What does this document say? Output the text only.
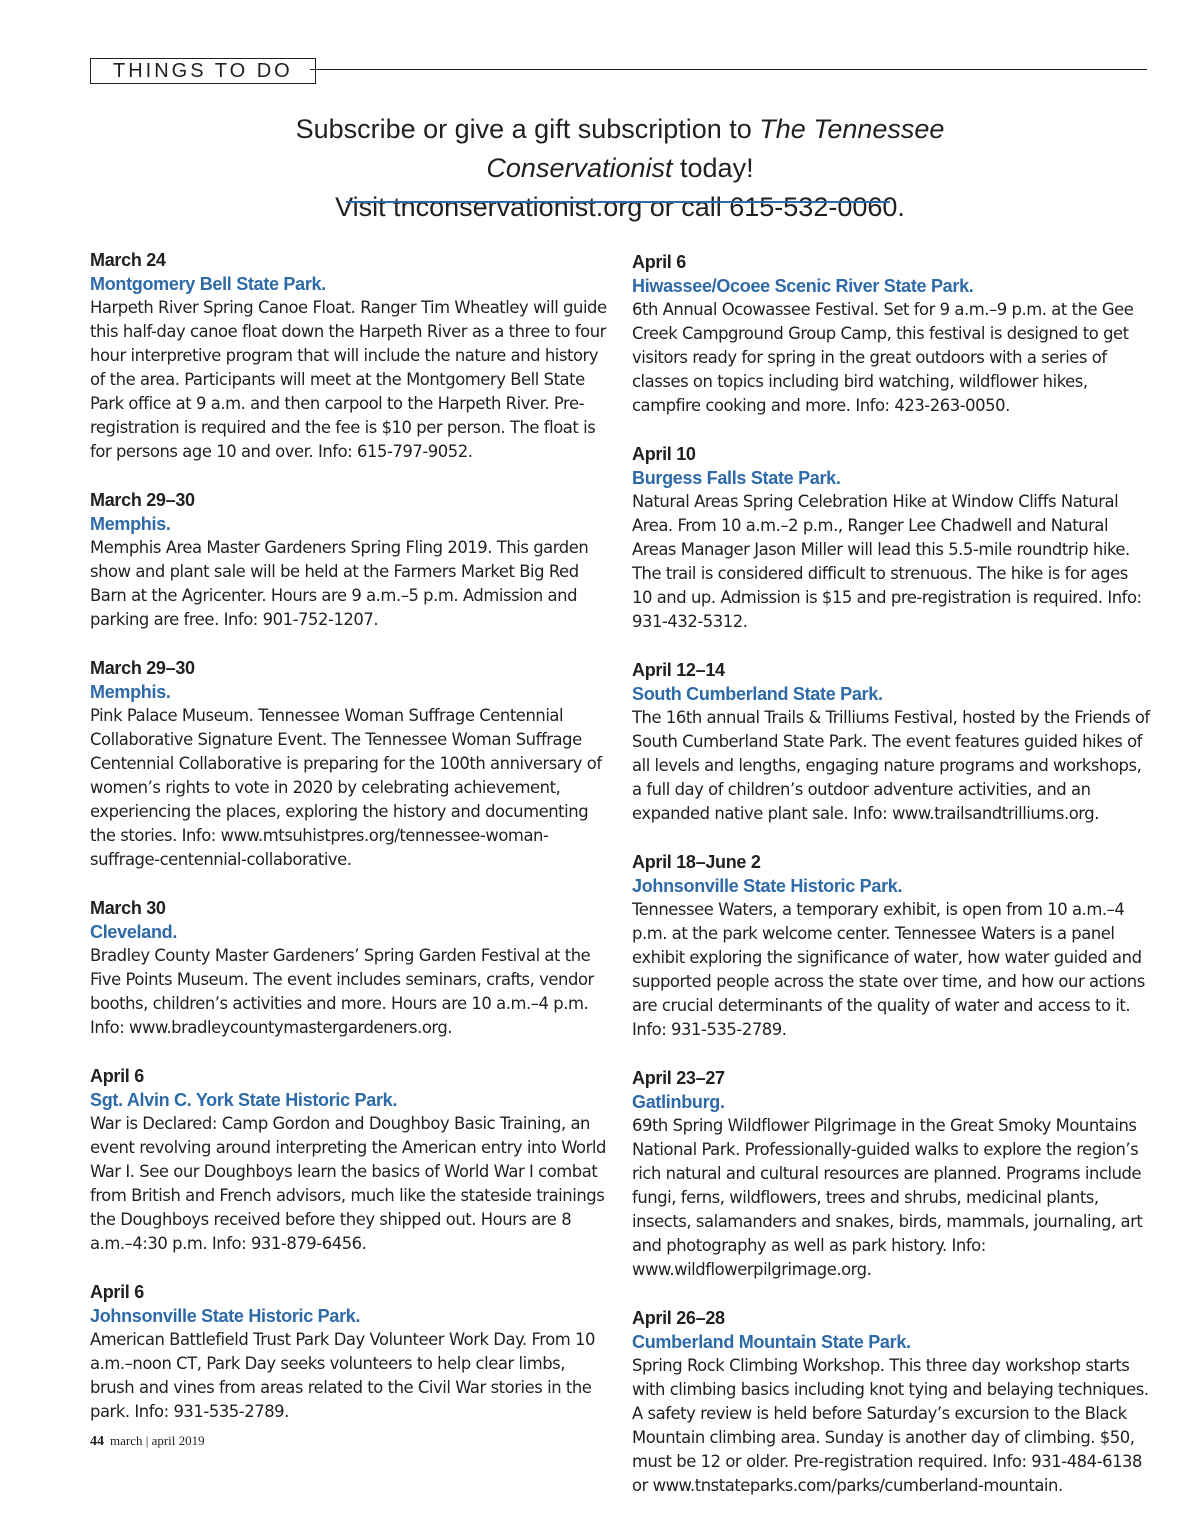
THINGS TO DO
Subscribe or give a gift subscription to The Tennessee Conservationist today!
Visit tnconservationist.org or call 615-532-0060.
March 24
Montgomery Bell State Park.
Harpeth River Spring Canoe Float. Ranger Tim Wheatley will guide this half-day canoe float down the Harpeth River as a three to four hour interpretive program that will include the nature and history of the area. Participants will meet at the Montgomery Bell State Park office at 9 a.m. and then carpool to the Harpeth River. Pre-registration is required and the fee is $10 per person. The float is for persons age 10 and over. Info: 615-797-9052.
March 29–30
Memphis.
Memphis Area Master Gardeners Spring Fling 2019. This garden show and plant sale will be held at the Farmers Market Big Red Barn at the Agricenter. Hours are 9 a.m.–5 p.m. Admission and parking are free. Info: 901-752-1207.
March 29–30
Memphis.
Pink Palace Museum. Tennessee Woman Suffrage Centennial Collaborative Signature Event. The Tennessee Woman Suffrage Centennial Collaborative is preparing for the 100th anniversary of women’s rights to vote in 2020 by celebrating achievement, experiencing the places, exploring the history and documenting the stories. Info: www.mtsuhistpres.org/tennessee-woman-suffrage-centennial-collaborative.
March 30
Cleveland.
Bradley County Master Gardeners’ Spring Garden Festival at the Five Points Museum. The event includes seminars, crafts, vendor booths, children’s activities and more. Hours are 10 a.m.–4 p.m. Info: www.bradleycountymastergardeners.org.
April 6
Sgt. Alvin C. York State Historic Park.
War is Declared: Camp Gordon and Doughboy Basic Training, an event revolving around interpreting the American entry into World War I. See our Doughboys learn the basics of World War I combat from British and French advisors, much like the stateside trainings the Doughboys received before they shipped out. Hours are 8 a.m.–4:30 p.m. Info: 931-879-6456.
April 6
Johnsonville State Historic Park.
American Battlefield Trust Park Day Volunteer Work Day. From 10 a.m.–noon CT, Park Day seeks volunteers to help clear limbs, brush and vines from areas related to the Civil War stories in the park. Info: 931-535-2789.
April 6
Hiwassee/Ocoee Scenic River State Park.
6th Annual Ocowassee Festival. Set for 9 a.m.–9 p.m. at the Gee Creek Campground Group Camp, this festival is designed to get visitors ready for spring in the great outdoors with a series of classes on topics including bird watching, wildflower hikes, campfire cooking and more. Info: 423-263-0050.
April 10
Burgess Falls State Park.
Natural Areas Spring Celebration Hike at Window Cliffs Natural Area. From 10 a.m.–2 p.m., Ranger Lee Chadwell and Natural Areas Manager Jason Miller will lead this 5.5-mile roundtrip hike. The trail is considered difficult to strenuous. The hike is for ages 10 and up. Admission is $15 and pre-registration is required. Info: 931-432-5312.
April 12–14
South Cumberland State Park.
The 16th annual Trails & Trilliums Festival, hosted by the Friends of South Cumberland State Park. The event features guided hikes of all levels and lengths, engaging nature programs and workshops, a full day of children’s outdoor adventure activities, and an expanded native plant sale. Info: www.trailsandtrilliums.org.
April 18–June 2
Johnsonville State Historic Park.
Tennessee Waters, a temporary exhibit, is open from 10 a.m.–4 p.m. at the park welcome center. Tennessee Waters is a panel exhibit exploring the significance of water, how water guided and supported people across the state over time, and how our actions are crucial determinants of the quality of water and access to it. Info: 931-535-2789.
April 23–27
Gatlinburg.
69th Spring Wildflower Pilgrimage in the Great Smoky Mountains National Park. Professionally-guided walks to explore the region’s rich natural and cultural resources are planned. Programs include fungi, ferns, wildflowers, trees and shrubs, medicinal plants, insects, salamanders and snakes, birds, mammals, journaling, art and photography as well as park history. Info: www.wildflowerpilgrimage.org.
April 26–28
Cumberland Mountain State Park.
Spring Rock Climbing Workshop. This three day workshop starts with climbing basics including knot tying and belaying techniques. A safety review is held before Saturday’s excursion to the Black Mountain climbing area. Sunday is another day of climbing. $50, must be 12 or older. Pre-registration required. Info: 931-484-6138 or www.tnstateparks.com/parks/cumberland-mountain.
44 march | april 2019
